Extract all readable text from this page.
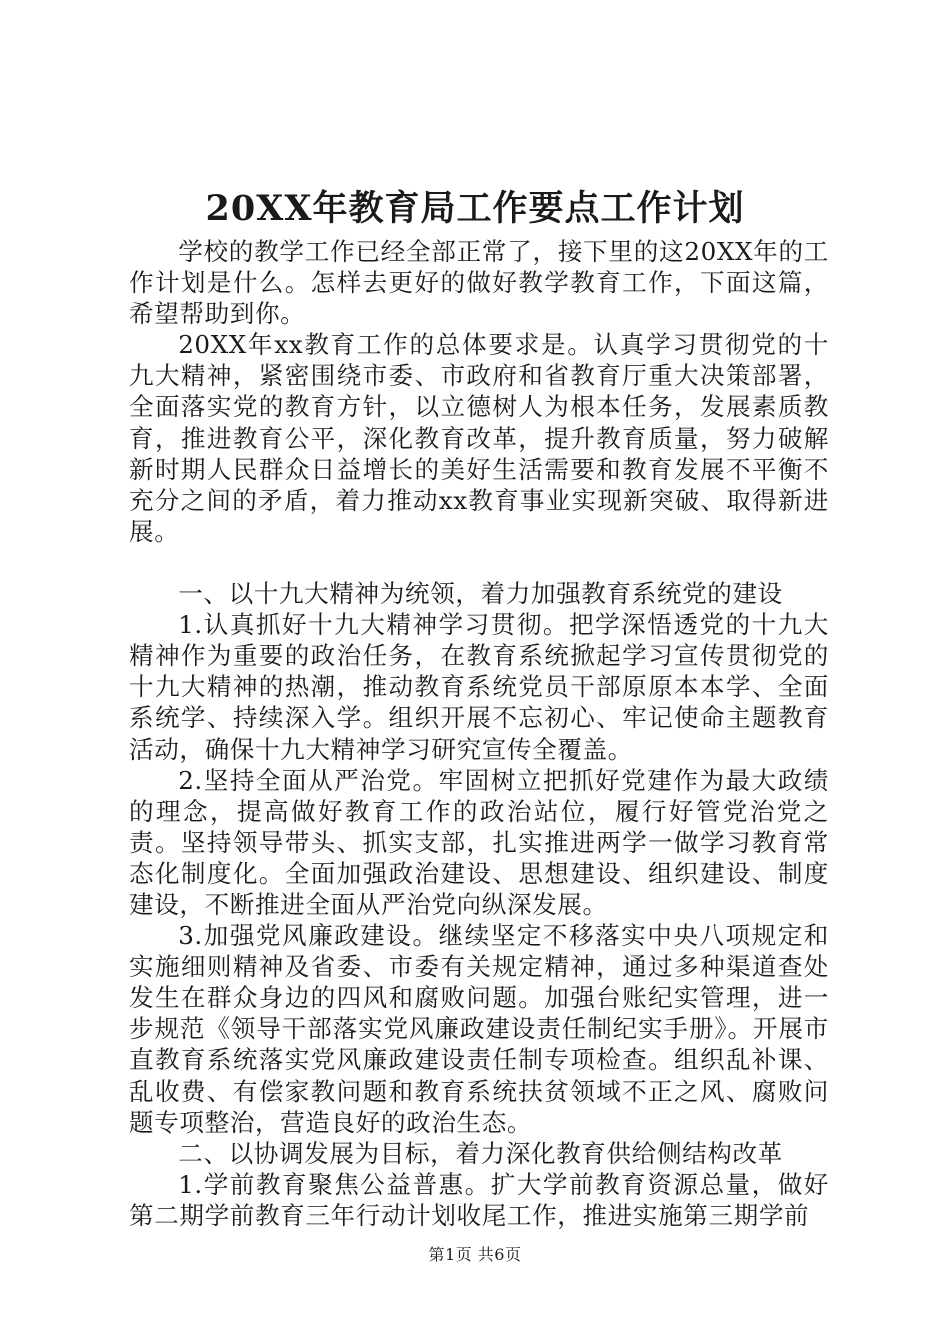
20XX年教育局工作要点工作计划

学校的教学工作已经全部正常了，接下里的这20XX年的工作计划是什么。怎样去更好的做好教学教育工作，下面这篇，希望帮助到你。

20XX年xx教育工作的总体要求是。认真学习贯彻党的十九大精神，紧密围绕市委、市政府和省教育厅重大决策部署，全面落实党的教育方针，以立德树人为根本任务，发展素质教育，推进教育公平，深化教育改革，提升教育质量，努力破解新时期人民群众日益增长的美好生活需要和教育发展不平衡不充分之间的矛盾，着力推动xx教育事业实现新突破、取得新进展。

一、以十九大精神为统领，着力加强教育系统党的建设

1.认真抓好十九大精神学习贯彻。把学深悟透党的十九大精神作为重要的政治任务，在教育系统掀起学习宣传贯彻党的十九大精神的热潮，推动教育系统党员干部原原本本学、全面系统学、持续深入学。组织开展不忘初心、牢记使命主题教育活动，确保十九大精神学习研究宣传全覆盖。

2.坚持全面从严治党。牢固树立把抓好党建作为最大政绩的理念，提高做好教育工作的政治站位，履行好管党治党之责。坚持领导带头、抓实支部，扎实推进两学一做学习教育常态化制度化。全面加强政治建设、思想建设、组织建设、制度建设，不断推进全面从严治党向纵深发展。

3.加强党风廉政建设。继续坚定不移落实中央八项规定和实施细则精神及省委、市委有关规定精神，通过多种渠道查处发生在群众身边的四风和腐败问题。加强台账纪实管理，进一步规范《领导干部落实党风廉政建设责任制纪实手册》。开展市直教育系统落实党风廉政建设责任制专项检查。组织乱补课、乱收费、有偿家教问题和教育系统扶贫领域不正之风、腐败问题专项整治，营造良好的政治生态。

二、以协调发展为目标，着力深化教育供给侧结构改革

1.学前教育聚焦公益普惠。扩大学前教育资源总量，做好第二期学前教育三年行动计划收尾工作，推进实施第三期学前

第1页 共6页
